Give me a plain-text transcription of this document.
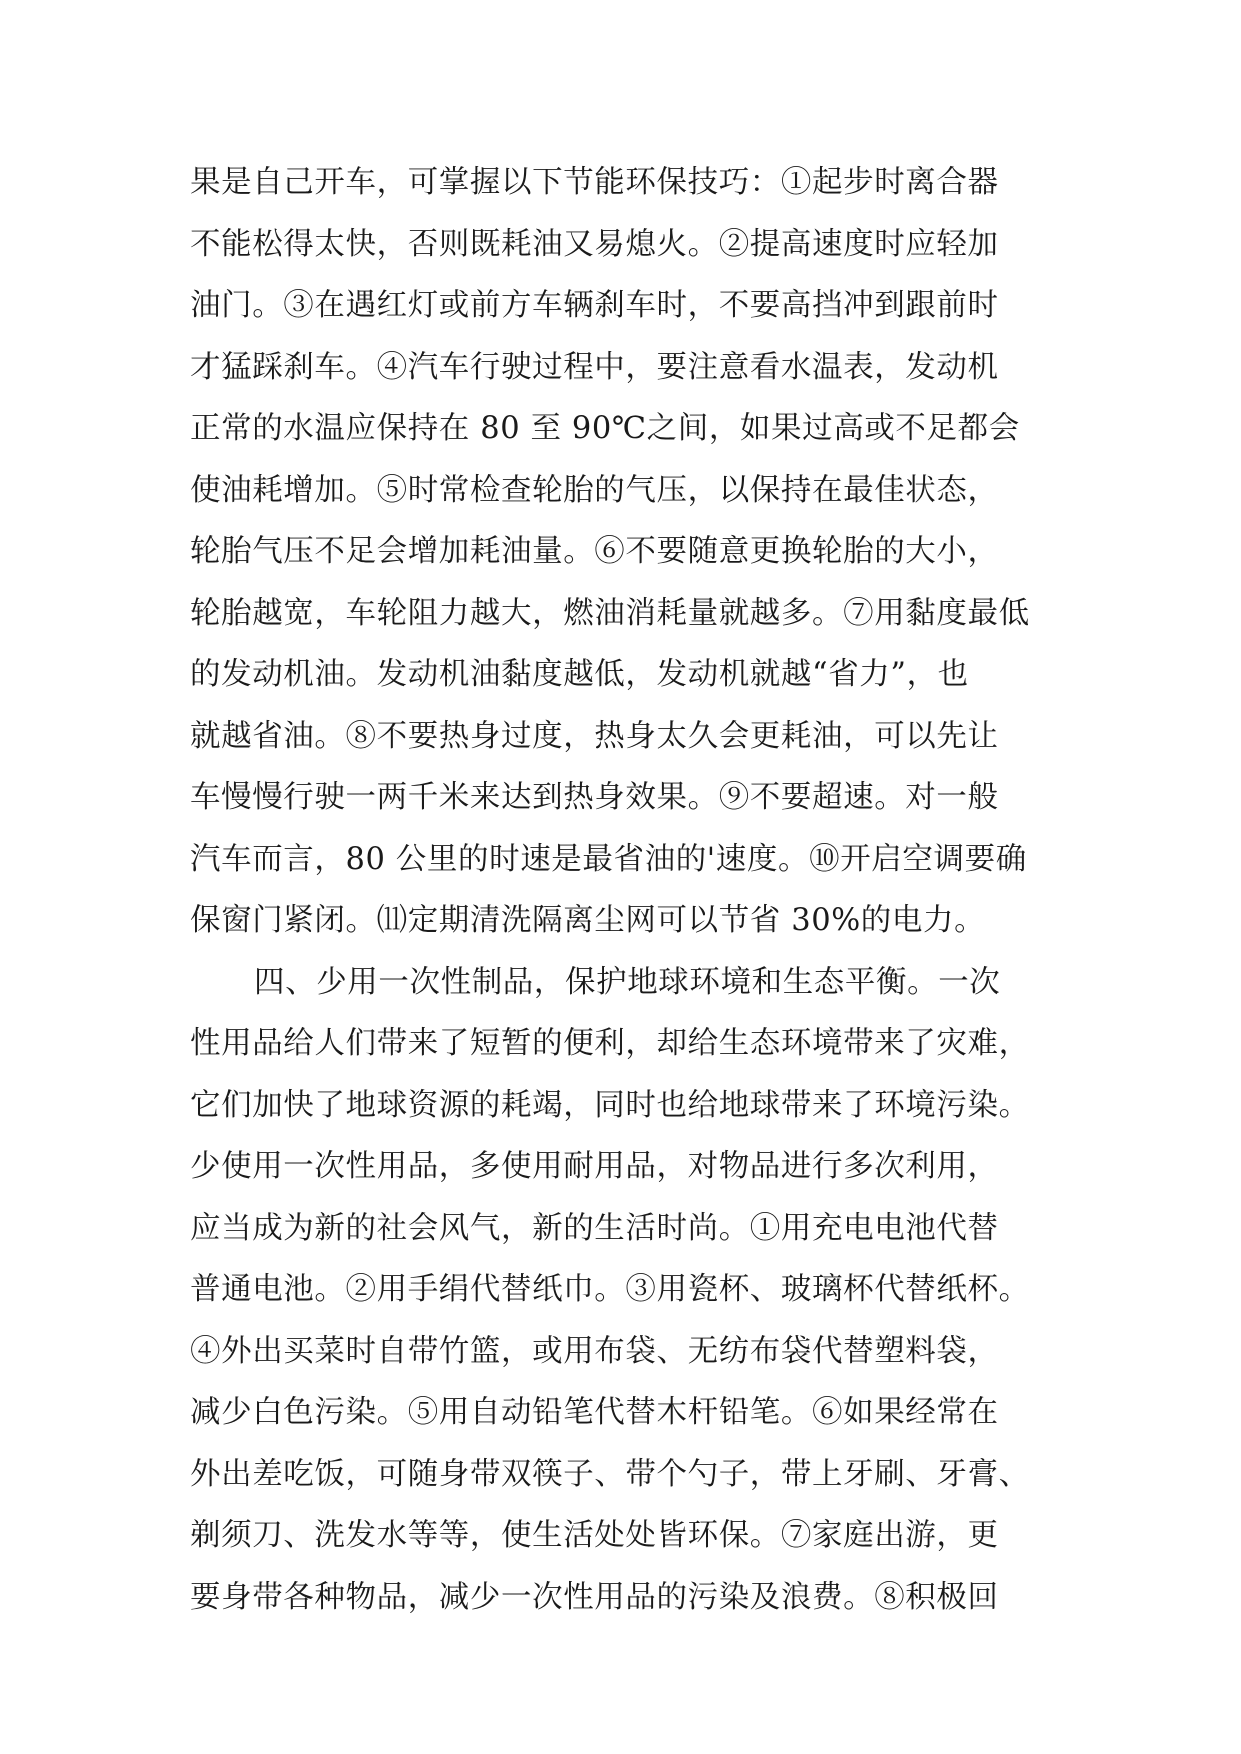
果是自己开车，可掌握以下节能环保技巧：①起步时离合器
不能松得太快，否则既耗油又易熄火。②提高速度时应轻加
油门。③在遇红灯或前方车辆刹车时，不要高挡冲到跟前时
才猛踩刹车。④汽车行驶过程中，要注意看水温表，发动机
正常的水温应保持在 80 至 90℃之间，如果过高或不足都会
使油耗增加。⑤时常检查轮胎的气压，以保持在最佳状态，
轮胎气压不足会增加耗油量。⑥不要随意更换轮胎的大小，
轮胎越宽，车轮阻力越大，燃油消耗量就越多。⑦用黏度最低
的发动机油。发动机油黏度越低，发动机就越“省力”，也
就越省油。⑧不要热身过度，热身太久会更耗油，可以先让
车慢慢行驶一两千米来达到热身效果。⑨不要超速。对一般
汽车而言，80 公里的时速是最省油的'速度。⑩开启空调要确
保窗门紧闭。⑾定期清洗隔离尘网可以节省 30%的电力。
四、少用一次性制品，保护地球环境和生态平衡。一次
性用品给人们带来了短暂的便利，却给生态环境带来了灾难，
它们加快了地球资源的耗竭，同时也给地球带来了环境污染。
少使用一次性用品，多使用耐用品，对物品进行多次利用，
应当成为新的社会风气，新的生活时尚。①用充电电池代替
普通电池。②用手绢代替纸巾。③用瓷杯、玻璃杯代替纸杯。
④外出买菜时自带竹篮，或用布袋、无纺布袋代替塑料袋，
减少白色污染。⑤用自动铅笔代替木杆铅笔。⑥如果经常在
外出差吃饭，可随身带双筷子、带个勺子，带上牙刷、牙膏、
剃须刀、洗发水等等，使生活处处皆环保。⑦家庭出游，更
要身带各种物品，减少一次性用品的污染及浪费。⑧积极回
